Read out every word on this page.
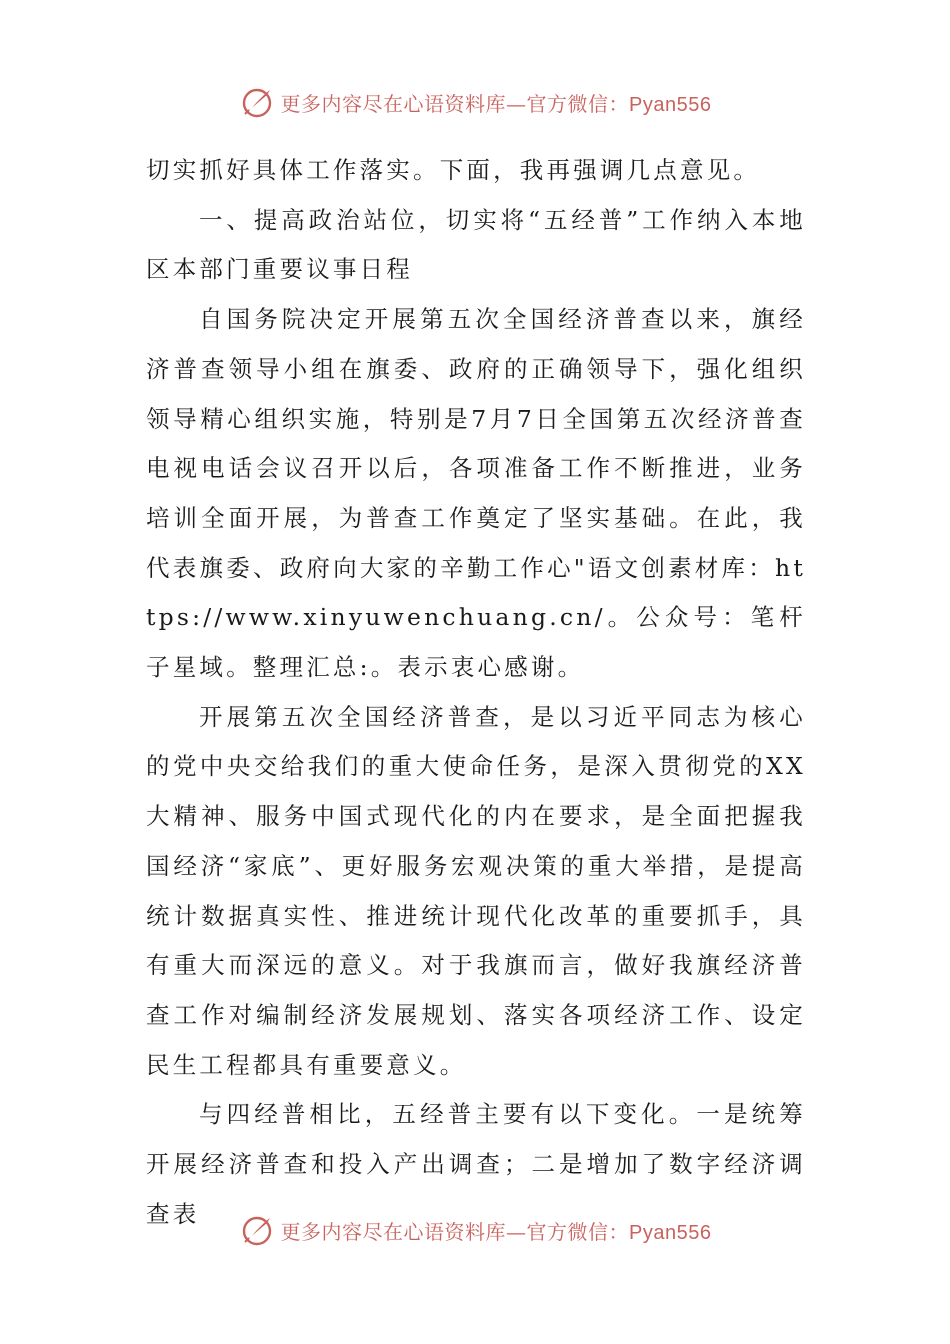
更多内容尽在心语资料库—官方微信：Pyan556

切实抓好具体工作落实。下面，我再强调几点意见。

一、提高政治站位，切实将“五经普”工作纳入本地区本部门重要议事日程

自国务院决定开展第五次全国经济普查以来，旗经济普查领导小组在旗委、政府的正确领导下，强化组织领导精心组织实施，特别是7月7日全国第五次经济普查电视电话会议召开以后，各项准备工作不断推进，业务培训全面开展，为普查工作奠定了坚实基础。在此，我代表旗委、政府向大家的辛勤工作心"语文创素材库：https://www.xinyuwenchuang.cn/。公众号：笔杆子星域。整理汇总:。表示衷心感谢。

开展第五次全国经济普查，是以习近平同志为核心的党中央交给我们的重大使命任务，是深入贯彻党的XX大精神、服务中国式现代化的内在要求，是全面把握我国经济“家底”、更好服务宏观决策的重大举措，是提高统计数据真实性、推进统计现代化改革的重要抓手，具有重大而深远的意义。对于我旗而言，做好我旗经济普查工作对编制经济发展规划、落实各项经济工作、设定民生工程都具有重要意义。

与四经普相比，五经普主要有以下变化。一是统筹开展经济普查和投入产出调查；二是增加了数字经济调查表

更多内容尽在心语资料库—官方微信：Pyan556
